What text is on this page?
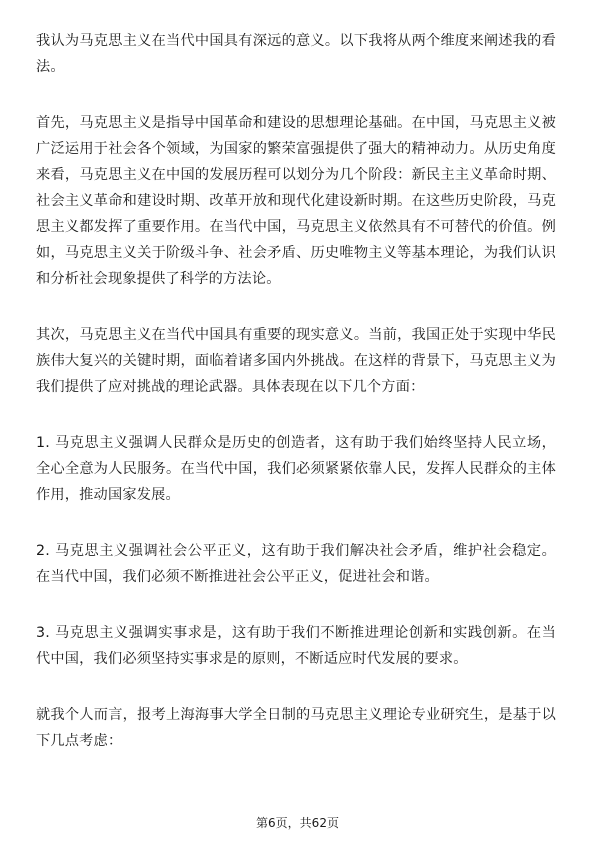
我认为马克思主义在当代中国具有深远的意义。以下我将从两个维度来阐述我的看法。

首先，马克思主义是指导中国革命和建设的思想理论基础。在中国，马克思主义被广泛运用于社会各个领域，为国家的繁荣富强提供了强大的精神动力。从历史角度来看，马克思主义在中国的发展历程可以划分为几个阶段：新民主主义革命时期、社会主义革命和建设时期、改革开放和现代化建设新时期。在这些历史阶段，马克思主义都发挥了重要作用。在当代中国，马克思主义依然具有不可替代的价值。例如，马克思主义关于阶级斗争、社会矛盾、历史唯物主义等基本理论，为我们认识和分析社会现象提供了科学的方法论。

其次，马克思主义在当代中国具有重要的现实意义。当前，我国正处于实现中华民族伟大复兴的关键时期，面临着诸多国内外挑战。在这样的背景下，马克思主义为我们提供了应对挑战的理论武器。具体表现在以下几个方面：

1. 马克思主义强调人民群众是历史的创造者，这有助于我们始终坚持人民立场，全心全意为人民服务。在当代中国，我们必须紧紧依靠人民，发挥人民群众的主体作用，推动国家发展。

2. 马克思主义强调社会公平正义，这有助于我们解决社会矛盾，维护社会稳定。在当代中国，我们必须不断推进社会公平正义，促进社会和谐。

3. 马克思主义强调实事求是，这有助于我们不断推进理论创新和实践创新。在当代中国，我们必须坚持实事求是的原则，不断适应时代发展的要求。

就我个人而言，报考上海海事大学全日制的马克思主义理论专业研究生，是基于以下几点考虑：

第6页，共62页
